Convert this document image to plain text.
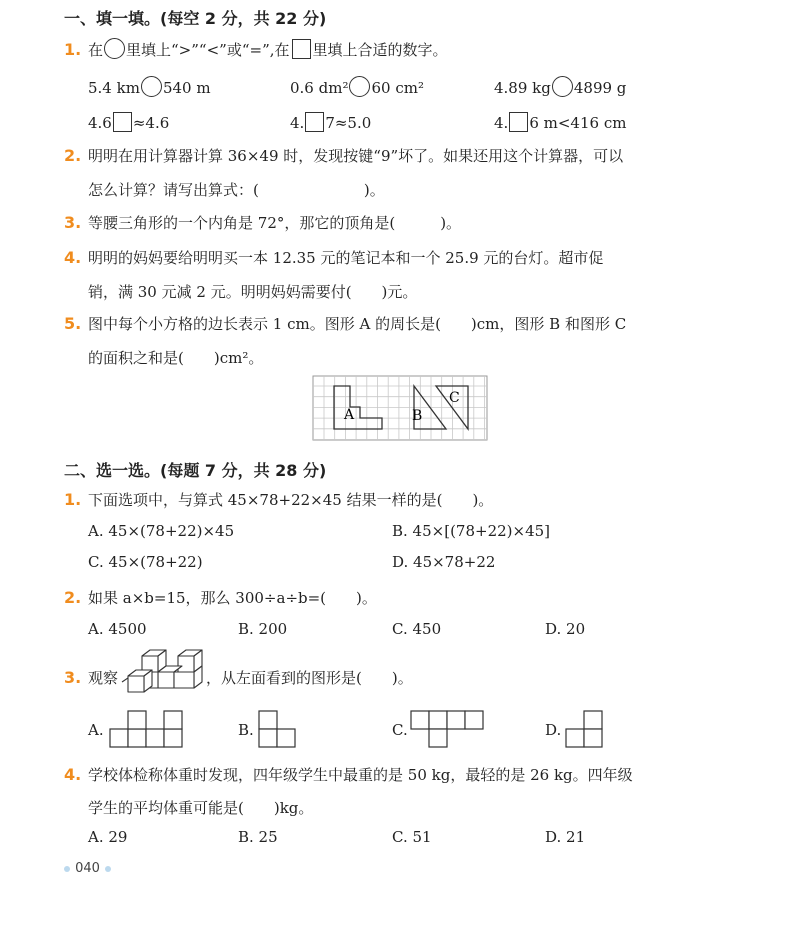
一、填一填。(每空 2 分，共 22 分)
1. 在 里填上“>”“<”或“=”,在 里填上合适的数字。
5.4 km 540 m	0.6 dm² 60 cm²	4.89 kg 4899 g
4.6 ≈4.6	4. 7≈5.0	4. 6 m<416 cm
2. 明明在用计算器计算 36×49 时，发现按键“9”坏了。如果还用这个计算器，可以
怎么计算？请写出算式：(　　　　　　　)。
3. 等腰三角形的一个内角是 72°，那它的顶角是(　　　)。
4. 明明的妈妈要给明明买一本 12.35 元的笔记本和一个 25.9 元的台灯。超市促
销，满 30 元减 2 元。明明妈妈需要付(　　)元。
5. 图中每个小方格的边长表示 1 cm。图形 A 的周长是(　　)cm，图形 B 和图形 C
的面积之和是(　　)cm²。
A	B
C
二、选一选。(每题 7 分，共 28 分)
1. 下面选项中，与算式 45×78+22×45 结果一样的是(　　)。
A. 45×(78+22)×45	B. 45×[(78+22)×45]
C. 45×(78+22)	D. 45×78+22
2. 如果 a×b=15，那么 300÷a÷b=(　　)。
A. 4500	B. 200	C. 450	D. 20
3. 观察	，从左面看到的图形是(　　)。
A.	B.	C.	D.
4. 学校体检称体重时发现，四年级学生中最重的是 50 kg，最轻的是 26 kg。四年级
学生的平均体重可能是(　　)kg。
A. 29	B. 25	C. 51	D. 21
040
